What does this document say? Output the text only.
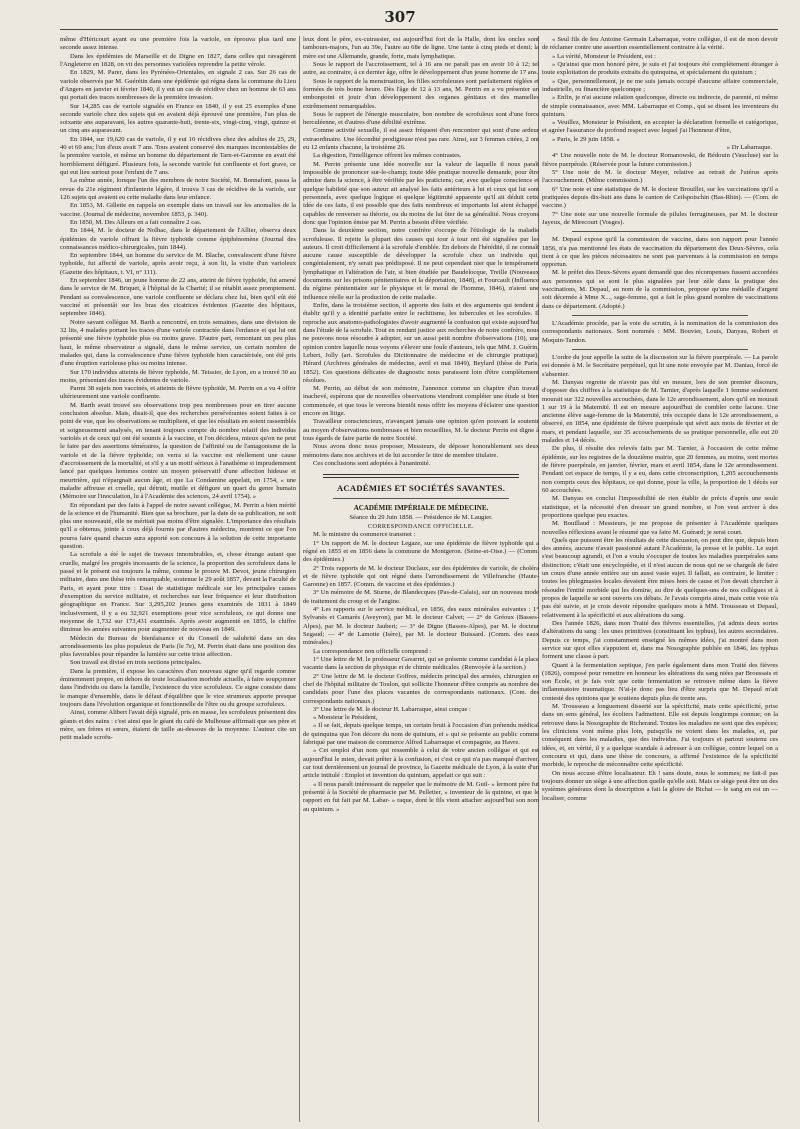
307

même d'Héricourt ayant eu une première fois la variole, en éprouva plus tard une seconde assez intense.

Dans les épidémies de Marseille et de Digne en 1827, dans celles qui ravagèrent l'Angleterre en 1828, on vit des personnes variolées reprendre la petite vérole.

En 1829, M. Parer, dans les Pyrénées-Orientales, en signale 2 cas. Sur 26 cas de variole observés par M. Guérétin dans une épidémie qui régna dans la commune du Lieu d'Angers en janvier et février 1840, il y eut un cas de récidive chez un homme de 63 ans qui portait des traces nombreuses de la première invasion.

Sur 14,285 cas de variole signalés en France en 1840, il y eut 25 exemples d'une seconde variole chez des sujets qui en avaient déjà éprouvé une première, l'un plus de soixante ans auparavant, les autres quarante-huit, trente-six, vingt-cinq, vingt, quinze et un cinq ans auparavant.

En 1844, sur 19,620 cas de variole, il y eut 10 récidives chez des adultes de 25, 29, 40 et 60 ans; l'un d'eux avait 7 ans. Tous avaient conservé des marques incontestables de la première variole, et même un homme du département de Tarn-et-Garonne en avait été horriblement défiguré. Plusieurs fois, la seconde variole fut confluente et fort grave, ce qui eut lieu surtout pour l'enfant de 7 ans.

La même année, lorsque l'un des membres de notre Société, M. Bonnafont, passa la revue du 21e régiment d'infanterie légère, il trouva 3 cas de récidive de la variole, sur 126 sujets qui avaient eu cette maladie dans leur enfance.

En 1853, M. Gillette en rappela un exemple dans un travail sur les anomalies de la vaccine. (Journal de médecine, novembre 1853, p. 340).

En 1850, M. Des Alleurs en a fait connaître 2 cas.

En 1844, M. le docteur de Nolhac, dans le département de l'Allier, observa deux épidémies de variole offrant la fièvre typhoïde comme épiphénomène (Journal des connaissances médico-chirurgicales, juin 1844).

En septembre 1844, un homme du service de M. Blache, convalescent d'une fièvre typhoïde, fut affecté de variole, après avoir reçu, à son lit, la visite d'un varioleux (Gazette des hôpitaux, t. VI, n° 111).

En septembre 1846, un jeune homme de 22 ans, atteint de fièvre typhoïde, fut amené dans le service de M. Briquet, à l'hôpital de la Charité; il se rétablit assez promptement. Pendant sa convalescence, une variole confluente se déclara chez lui, bien qu'il eût été vacciné et présentât sur les bras des cicatrices évidentes (Gazette des hôpitaux, septembre 1846).

Notre savant collègue M. Barth a rencontré, en trois semaines, dans une division de 32 lits, 4 malades portant les traces d'une variole contractée dans l'enfance et qui lui ont présenté une fièvre typhoïde plus ou moins grave. D'autre part, remontant un peu plus haut, le même observateur a signalé, dans le même service, un certain nombre de malades qui, dans la convalescence d'une fièvre typhoïde bien caractérisée, ont été pris d'une éruption varioleuse plus ou moins intense.

Sur 170 individus atteints de fièvre typhoïde, M. Teissier, de Lyon, en a trouvé 30 au moins, présentant des traces évidentes de variole.

Parmi 38 sujets non vaccinés, et atteints de fièvre typhoïde, M. Perrin en a vu 4 offrir ultérieurement une variole confluente.

M. Barth avait trouvé ses observations trop peu nombreuses pour en tirer aucune conclusion absolue. Mais, disait-il, que des recherches persévérantes soient faites à ce point de vue, que les observations se multiplient, et que les résultats en soient rassemblés et soigneusement analysés, en tenant toujours compte du nombre relatif des individus variolés et de ceux qui ont été soumis à la vaccine, et l'on décidera, mieux qu'on ne peut le faire par des assertions téméraires, la question de l'affinité ou de l'antagonisme de la variole et de la fièvre typhoïde; on verra si la vaccine est réellement une cause d'accroissement de la mortalité, et s'il y a un motif sérieux à l'anathème si imprudemment lancé par quelques hommes contre un moyen préservatif d'une affection hideuse et meurtrière, qui n'épargnait aucun âge, et que La Condamine appelait, en 1754, « une maladie affreuse et cruelle, qui détruit, mutile et défigure un quart du genre humain (Mémoire sur l'inoculation, lu à l'Académie des sciences, 24 avril 1754). »

En répondant par des faits à l'appel de notre savant collègue, M. Perrin a bien mérité de la science et de l'humanité. Bien que sa brochure, par la date de sa publication, ne soit plus une nouveauté, elle ne méritait pas moins d'être signalée. L'importance des résultats qu'il a obtenus, jointe à ceux déjà fournis par d'autres médecins, montrent ce que l'on pourra faire quand chacun aura apporté son concours à la solution de cette importante question.

La scrofule a été le sujet de travaux innombrables, et, chose étrange autant que cruelle, malgré les progrès incessants de la science, la proportion des scrofuleux dans le passé et le présent est toujours la même, comme le prouve M. Devot, jeune chirurgien militaire, dans une thèse très remarquable, soutenue le 29 août 1857, devant la Faculté de Paris, et ayant pour titre : Essai de statistique médicale sur les principales causes d'exemption du service militaire, et recherches sur leur fréquence et leur distribution géographique en France. Sur 3,295,202 jeunes gens examinés de 1831 à 1849 inclusivement, il y a eu 32,921 exemptions pour vice scrofuleux, ce qui donne une moyenne de 1,732 sur 173,431 examinés. Après avoir augmenté en 1855, le chiffre diminue les années suivantes pour augmenter de nouveau en 1849.

Médecin du Bureau de bienfaisance et du Conseil de salubrité dans un des arrondissements les plus populeux de Paris (le 7e), M. Perrin était dans une position des plus favorables pour répandre la lumière sur cette triste affection.

Son travail est divisé en trois sections principales.

Dans la première, il expose les caractères d'un nouveau signe qu'il regarde comme éminemment propre, en dehors de toute localisation morbide actuelle, à faire soupçonner dans l'individu ou dans la famille, l'existence du vice scrofuleux. Ce signe consiste dans le manque d'ensemble, dans le défaut d'équilibre que le vice strumeux apporte presque toujours dans l'évolution organique et fonctionnelle de l'être ou du groupe scrofuleux.

Ainsi, comme Alibert l'avait déjà signalé, pris en masse, les scrofuleux présentent des géants et des nains : c'est ainsi que le géant du café de Mulhouse affirmait que ses père et mère, ses frères et sœurs, étaient de taille au-dessous de la moyenne. L'auteur cite un petit malade scrofu-

leux dont le père, ex-cuirassier, est aujourd'hui fort de la Halle, dont les oncles sont tambours-majors, l'un au 39e, l'autre au 68e de ligne. Une tante à cinq pieds et demi; la mère est une Allemande, grande, forte, mais lymphatique.

Sous le rapport de l'accroissement, tel à 16 ans ne paraît pas en avoir 10 à 12; tel autre, au contraire, à ce dernier âge, offre le développement d'un jeune homme de 17 ans.

Sous le rapport de la menstruation, les filles scrofuleuses sont parfaitement réglées et formées de très bonne heure. Dès l'âge de 12 à 13 ans, M. Perrin en a vu présenter un embonpoint et jouir d'un développement des organes génitaux et des mamelles extrêmement remarquables.

Sous le rapport de l'énergie musculaire, bon nombre de scrofuleux sont d'une force herculéenne, et d'autres d'une débilité extrême.

Comme activité sexuelle, il est assez fréquent d'en rencontrer qui sont d'une ardeur extraordinaire. Une fécondité prodigieuse n'est pas rare. Ainsi, sur 3 femmes citées, 2 ont eu 12 enfants chacune, la troisième 26.

La digestion, l'intelligence offrent les mêmes contrastes.

M. Perrin présente une idée nouvelle sur la valeur de laquelle il nous paraît impossible de prononcer sur-le-champ; toute idée pratique nouvelle demande, pour être admise dans la science, à être vérifiée par les praticiens; car, avec quelque conscience et quelque habileté que son auteur ait analysé les faits antérieurs à lui et ceux qui lui sont personnels, avec quelque logique et quelque légitimité apparente qu'il ait déduit cette idée de ces faits, il est possible que des faits nombreux et importants lui aient échappé, capables de renverser sa théorie, ou du moins de lui ôter de sa généralité. Nous croyons donc que l'opinion émise par M. Perrin a besoin d'être vérifiée.

Dans la deuxième section, notre confrère s'occupe de l'étiologie de la maladie scrofuleuse. Il rejette la plupart des causes qui tour à tour ont été signalées par les auteurs. Il croit difficilement à la scrofule d'emblée. En dehors de l'hérédité, il ne connaît aucune cause susceptible de développer la scrofule chez un individu qui, congénialement, n'y serait pas prédisposé. Il ne peut cependant nier que le tempérament lymphatique et l'altération de l'air, si bien étudiée par Baudelocque, Treille (Nouveaux documents sur les prisons pénitentiaires et la déportation, 1848), et Fourcault (Influence du régime pénitentiaire sur le physique et le moral de l'homme, 1846), n'aient une influence réelle sur la production de cette maladie.

Enfin, dans la troisième section, il apporte des faits et des arguments qui tendent à établir qu'il y a identité parfaite entre le rachitisme, les tubercules et les scrofules. Il reproche aux anatomo-pathologistes d'avoir augmenté la confusion qui existe aujourd'hui dans l'étude de la scrofule. Tout en rendant justice aux recherches de notre confrère, nous ne pouvons nous résoudre à adopter, sur un aussi petit nombre d'observations (10), une opinion contre laquelle nous voyons s'élever une foule d'auteurs, tels que MM. J. Guérin, Lebert, Jolly (art. Scrofules du Dictionnaire de médecine et de chirurgie pratique), Hérard (Archives générales de médecine, avril et mai 1849), Beylard (thèse de Paris, 1852). Ces questions délicates de diagnostic nous paraissent loin d'être complètement résolues.

M. Perrin, au début de son mémoire, l'annonce comme un chapitre d'un travail inachevé, espérons que de nouvelles observations viendront compléter une étude si bien commencée, et que tous le verrons bientôt nous offrir les moyens d'éclairer une question encore en litige.

Travailleur consciencieux, n'avançant jamais une opinion qu'en pouvant la soutenir au moyen d'observations nombreuses et bien recueillies, M. le docteur Perrin est digne à tous égards de faire partie de notre Société.

Nous avons donc nous proposer, Messieurs, de déposer honorablement ses deux mémoires dans nos archives et de lui accorder le titre de membre titulaire.

Ces conclusions sont adoptées à l'unanimité.

ACADÉMIES ET SOCIÉTÉS SAVANTES.
ACADÉMIE IMPÉRIALE DE MÉDECINE.
Séance du 29 Juin 1858. — Présidence de M. Laugier.
CORRESPONDANCE OFFICIELLE.

M. le ministre du commerce transmet :

1° Un rapport de M. le docteur Legaze, sur une épidémie de fièvre typhoïde qui a régné en 1855 et en 1856 dans la commune de Montgeron. (Seine-et-Oise.) — (Comm. des épidémies.)

2° Trois rapports de M. le docteur Duclaux, sur des épidémies de variole, de choléra et de fièvre typhoïde qui ont régné dans l'arrondissement de Villefranche (Haute-Garonne) en 1857. (Comm. de vaccine et des épidémies.)

3° Un mémoire de M. Sturne, de Blandecques (Pas-de-Calais), sur un nouveau mode de traitement du croup et de l'angine.

4° Les rapports sur le service médical, en 1856, des eaux minérales suivantes : 1° Sylvanès et Camarès (Aveyron), par M. le docteur Calvet; — 2° de Gréoux (Basses-Alpes), par M. le docteur Jaubert; — 3° de Digne (Basses-Alpes), par M. le docteur Segaud; — 4° de Lamotte (Isère), par M. le docteur Buissard. (Comm. des eaux minérales.)

La correspondance non officielle comprend :

1° Une lettre de M. le professeur Gavarret, qui se présente comme candidat à la place vacante dans la section de physique et de chimie médicales. (Renvoyée à la section.)

2° Une lettre de M. le docteur Goffres, médecin principal des armées, chirurgien en chef de l'hôpital militaire de Toulon, qui sollicite l'honneur d'être compris au nombre des candidats pour l'une des places vacantes de correspondants nationaux. (Com. des correspondants nationaux.)

3° Une lettre de M. le docteur H. Labarraque, ainsi conçue :

« Monsieur le Président,

» Il se fait, depuis quelque temps, un certain bruit à l'occasion d'un prétendu médical de quinquina que l'on décore du nom de quinium, et » qui se présente au public comme fabriqué par une maison de commerce Alfred Labarraque et compagnie, au Havre.

» Cet emploi d'un nom qui ressemble à celui de votre ancien collègue et qui est aujourd'hui le mien, devait prêter à la confusion, et c'est ce qui n'a pas manqué d'arriver, car tout dernièrement un journal de province, la Gazette médicale de Lyon, à la suite d'un article intitulé : Emploi et invention du quinium, appelait ce qui suit :

« Il nous paraît intéressant de rappeler que le mémoire de M. Guil- » lermont père fut présenté à la Société de pharmacie par M. Pelletier, » inventeur de la quinine, et que le rapport en fut fait par M. Labar- » raque, dont le fils vient attacher aujourd'hui son nom au quinium. »

« Seul fils de feu Antoine Germain Labarraque, votre collègue, il est de mon devoir de réclamer contre une assertion essentiellement contraire à la vérité.

» La vérité, Monsieur le Président, est :

» Qu'ainsi que mon honoré père, je suis et j'ai toujours été complètement étranger à toute exploitation de produits extraits du quinquina, et spécialement du quinium ;

» Que, personnellement, je ne me suis jamais occupé d'aucune affaire commerciale, industrielle, ou financière quelconque ;

» Enfin, je n'ai aucune relation quelconque, directe ou indirecte, de parenté, ni même de simple connaissance, avec MM. Labarraque et Comp., qui se disent les inventeurs du quinium.

» Veuillez, Monsieur le Président, en accepter la déclaration formelle et catégorique, et agréer l'assurance du profond respect avec lequel j'ai l'honneur d'être,

» Paris, le 29 juin 1858. »

» Dr Labarraque.

4° Une nouvelle note de M. le docteur Romanowski, de Bédouin (Vaucluse) sur la fièvre puerpérale. (Réservée pour la future commission.)

5° Une note de M. le docteur Meyer, relative au retrait de l'utérus après l'accouchement. (Même commission.)

6° Une note et une statistique de M. le docteur Brouillet, sur les vaccinations qu'il a pratiquées depuis dix-huit ans dans le canton de Ceilspoischin (Bas-Rhin). — (Com. de vaccine.)

7° Une note sur une nouvelle formule de pilules ferrugineuses, par M. le docteur Jayeux, de Mirecourt (Vosges).

M. Depaul expose qu'il la commission de vaccine, dans son rapport pour l'année 1856, n'a pas mentionné les états de vaccination du département des Deux-Sèvres, cela tient à ce que les pièces nécessaires ne sont pas parvenues à la commission en temps opportun.

M. le préfet des Deux-Sèvres ayant demandé que des récompenses fussent accordées aux personnes qui se sont le plus signalées par leur zèle dans la pratique des vaccinations, M. Depaul, au nom de la commission, propose qu'une médaille d'argent soit décernée à Mme X..., sage-femme, qui a fait le plus grand nombre de vaccinations dans ce département. (Adopté.)

L'Académie procède, par la voie du scrutin, à la nomination de la commission des correspondants nationaux. Sont nommés : MM. Bouvier, Louis, Danyau, Robert et Moquin-Tandon.

L'ordre du jour appelle la suite de la discussion sur la fièvre puerpérale. — La parole est donnée à M. le Secrétaire perpétuel, qui lit une note envoyée par M. Dantau, forcé de s'absenter.

M. Danyau regrette de n'avoir pas été en mesure, lors de son premier discours, d'opposer des chiffres à la statistique de M. Tarnier, d'après laquelle 1 femme seulement mourait sur 322 nouvelles accouchées, dans le 12e arrondissement, alors qu'il en mourait 1 sur 19 à la Maternité. Il est en mesure aujourd'hui de combler cette lacune. Une ancienne élève sage-femme de la Maternité, très occupée dans le 12e arrondissement, a observé, en 1854, une épidémie de fièvre puerpérale qui sévit aux mois de février et de mars, et pendant laquelle, sur 35 accouchements de sa pratique personnelle, elle eut 20 malades et 14 décès.

De plus, il résulte des relevés faits par M. Tarnier, à l'occasion de cette même épidémie, sur les registres de la douzième mairie, que 20 femmes, au moins, sont mortes de fièvre puerpérale, en janvier, février, mars et avril 1854, dans le 12e arrondissement. Pendant cet espace de temps, il y a eu, dans cette circonscription, 1,205 accouchements non compris ceux des hôpitaux, ce qui donne, pour la ville, la proportion de 1 décès sur 60 accouchées.

M. Danyau en conclut l'impossibilité de rien établir de précis d'après une seule statistique, et la nécessité d'en dresser un grand nombre, si l'on veut arriver à des proportions quelque peu exactes.

M. Bouillaud : Messieurs, je me propose de présenter à l'Académie quelques nouvelles réflexions avant le résumé que va faire M. Guérard; je serai court.

Quels que puissent être les résultats de cette discussion, on peut dire que, depuis bien des années, aucune n'avait passionné autant l'Académie, la presse et le public. Le sujet s'est beaucoup agrandi, et l'on a voulu s'occuper de toutes les maladies puerpérales sans distinction; c'était une encyclopédie, et il n'est aucun de nous qui ne se chargeât de faire un cours d'une année entière sur un aussi vaste sujet. Il fallait, au contraire, le limiter : toutes les phlegmasies locales devaient être mises hors de cause et l'on devait chercher à résoudre l'entité morbide qui les domine, au dire de quelques-uns de nos collègues et à propos de laquelle se sont ouverts ces débats. Je l'avais compris ainsi, mais cette voie n'a pas été suivie, et je crois devoir répondre quelques mots à MM. Trousseau et Depaul, relativement à la spécificité et aux altérations du sang.

Des l'année 1826, dans mon Traité des fièvres essentielles, j'ai admis deux sortes d'altérations du sang : les unes primitives (constituant les typhus), les autres secondaires. Depuis ce temps, j'ai constamment enseigné les mêmes idées, j'ai montré dans mon service sur quoi elles s'appuient et, dans ma Nosographie publiée en 1846, les typhus forment une classe à part.

Quant à la fermentation septique, j'en parle également dans mon Traité des fièvres (1826), composé pour remettre en honneur les altérations du sang niées par Broussais et son École, et je fais voir que cette fermentation se retrouve même dans la fièvre inflammatoire traumatique. N'ai-je donc pas lieu d'être surpris que M. Depaul m'ait contesté des opinions que je soutiens depuis plus de trente ans.

M. Trousseau a longuement disserté sur la spécificité, mais cette spécificité, prise dans un sens général, les écoliers l'admettent. Elle est depuis longtemps connue; on la retrouve dans la Nosographie de Richerand. Toutes les maladies ne sont que des espèces; les cliniciens vont même plus loin, puisqu'ils ne voient dans les malades, et, par conséquent dans les maladies, que des individus. J'ai toujours et partout soutenu ces idées, et, en vérité, il y a quelque scandale à adresser à un collègue, contre lequel on a concouru et qui, dans une thèse de concours, a affirmé l'existence de la spécificité morbide, le reproche de méconnaître cette spécificité.

On nous accuse d'être localisateur. Eh ! sans doute, nous le sommes; ne fait-il pas toujours donner un siège à une affection quelle qu'elle soit. Mais ce siège peut être un des systèmes généraux dont la description a fait la gloire de Bichat — le sang en est un — localiser, comme
